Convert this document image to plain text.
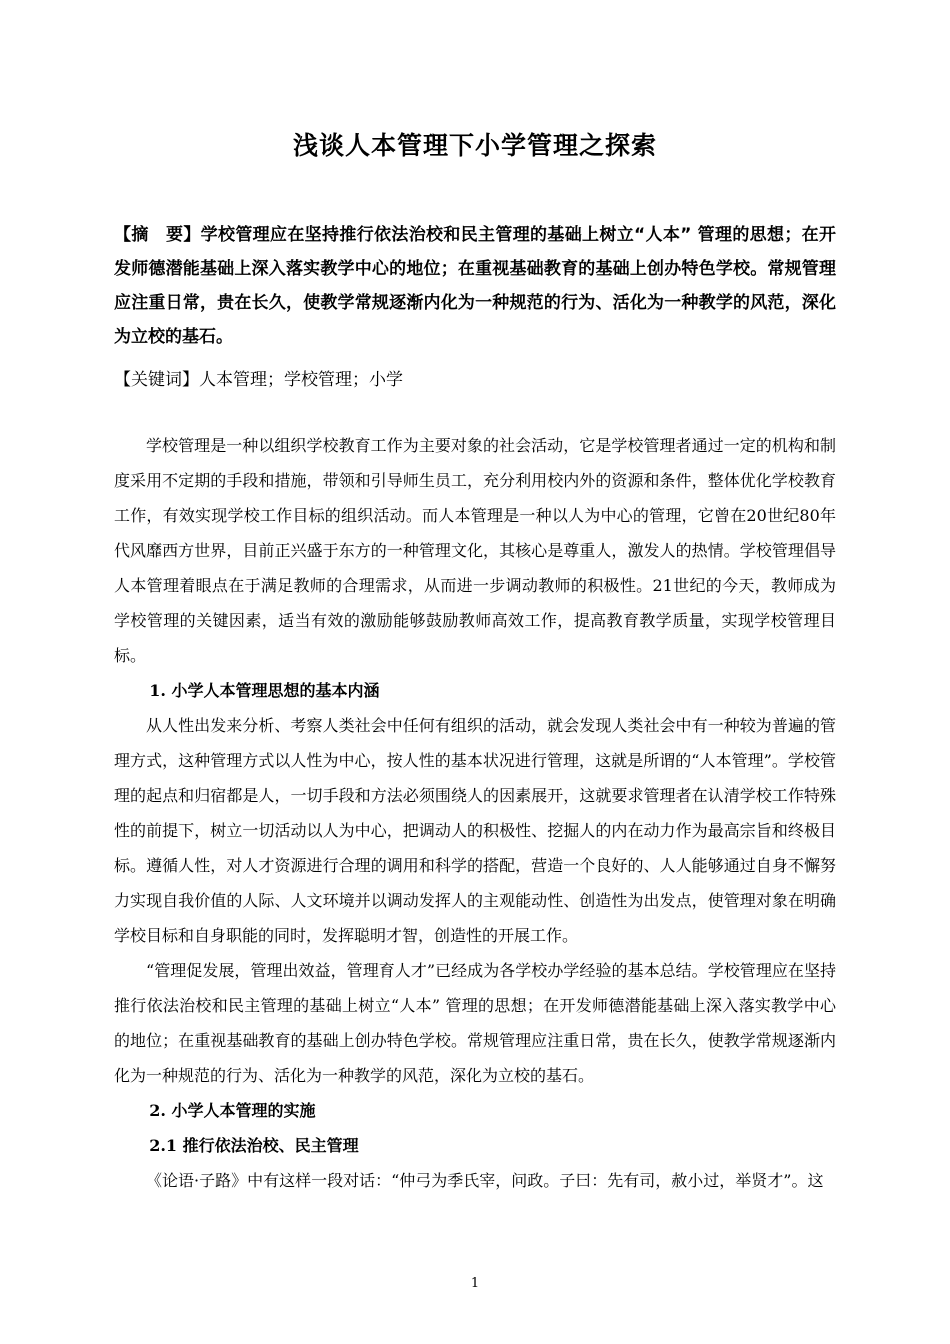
浅谈人本管理下小学管理之探索

【摘　要】学校管理应在坚持推行依法治校和民主管理的基础上树立“人本” 管理的思想；在开发师德潜能基础上深入落实教学中心的地位；在重视基础教育的基础上创办特色学校。常规管理应注重日常，贵在长久，使教学常规逐渐内化为一种规范的行为、活化为一种教学的风范，深化为立校的基石。

【关键词】人本管理；学校管理；小学

学校管理是一种以组织学校教育工作为主要对象的社会活动，它是学校管理者通过一定的机构和制度采用不定期的手段和措施，带领和引导师生员工，充分利用校内外的资源和条件，整体优化学校教育工作，有效实现学校工作目标的组织活动。而人本管理是一种以人为中心的管理，它曾在20世纪80年代风靡西方世界，目前正兴盛于东方的一种管理文化，其核心是尊重人，激发人的热情。学校管理倡导人本管理着眼点在于满足教师的合理需求，从而进一步调动教师的积极性。21世纪的今天，教师成为学校管理的关键因素，适当有效的激励能够鼓励教师高效工作，提高教育教学质量，实现学校管理目标。

1. 小学人本管理思想的基本内涵

从人性出发来分析、考察人类社会中任何有组织的活动，就会发现人类社会中有一种较为普遍的管理方式，这种管理方式以人性为中心，按人性的基本状况进行管理，这就是所谓的“人本管理”。学校管理的起点和归宿都是人，一切手段和方法必须围绕人的因素展开，这就要求管理者在认清学校工作特殊性的前提下，树立一切活动以人为中心，把调动人的积极性、挖掘人的内在动力作为最高宗旨和终极目标。遵循人性，对人才资源进行合理的调用和科学的搭配，营造一个良好的、人人能够通过自身不懈努力实现自我价值的人际、人文环境并以调动发挥人的主观能动性、创造性为出发点，使管理对象在明确学校目标和自身职能的同时，发挥聪明才智，创造性的开展工作。

“管理促发展，管理出效益，管理育人才”已经成为各学校办学经验的基本总结。学校管理应在坚持推行依法治校和民主管理的基础上树立“人本” 管理的思想；在开发师德潜能基础上深入落实教学中心的地位；在重视基础教育的基础上创办特色学校。常规管理应注重日常，贵在长久，使教学常规逐渐内化为一种规范的行为、活化为一种教学的风范，深化为立校的基石。

2. 小学人本管理的实施
2.1 推行依法治校、民主管理

《论语·子路》中有这样一段对话：“仲弓为季氏宰，问政。子曰：先有司，赦小过，举贤才”。这

1
